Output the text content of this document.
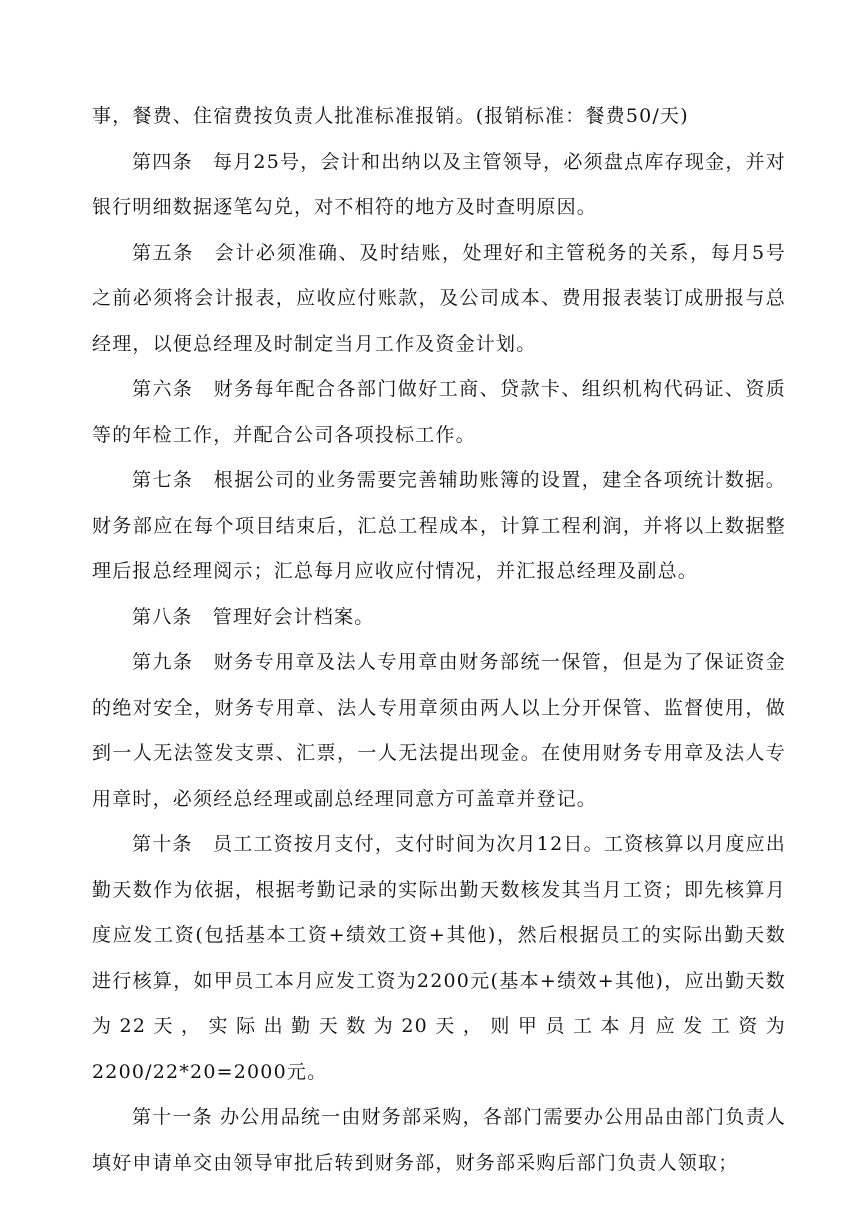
事，餐费、住宿费按负责人批准标准报销。(报销标准：餐费50/天)

第四条　每月25号，会计和出纳以及主管领导，必须盘点库存现金，并对银行明细数据逐笔勾兑，对不相符的地方及时查明原因。

第五条　会计必须准确、及时结账，处理好和主管税务的关系，每月5号之前必须将会计报表，应收应付账款，及公司成本、费用报表装订成册报与总经理，以便总经理及时制定当月工作及资金计划。

第六条　财务每年配合各部门做好工商、贷款卡、组织机构代码证、资质等的年检工作，并配合公司各项投标工作。

第七条　根据公司的业务需要完善辅助账簿的设置，建全各项统计数据。财务部应在每个项目结束后，汇总工程成本，计算工程利润，并将以上数据整理后报总经理阅示；汇总每月应收应付情况，并汇报总经理及副总。

第八条　管理好会计档案。

第九条　财务专用章及法人专用章由财务部统一保管，但是为了保证资金的绝对安全，财务专用章、法人专用章须由两人以上分开保管、监督使用，做到一人无法签发支票、汇票，一人无法提出现金。在使用财务专用章及法人专用章时，必须经总经理或副总经理同意方可盖章并登记。

第十条　员工工资按月支付，支付时间为次月12日。工资核算以月度应出勤天数作为依据，根据考勤记录的实际出勤天数核发其当月工资；即先核算月度应发工资(包括基本工资+绩效工资+其他)，然后根据员工的实际出勤天数进行核算，如甲员工本月应发工资为2200元(基本+绩效+其他)，应出勤天数为22天，实际出勤天数为20天，则甲员工本月应发工资为2200/22*20=2000元。

第十一条 办公用品统一由财务部采购，各部门需要办公用品由部门负责人填好申请单交由领导审批后转到财务部，财务部采购后部门负责人领取；
